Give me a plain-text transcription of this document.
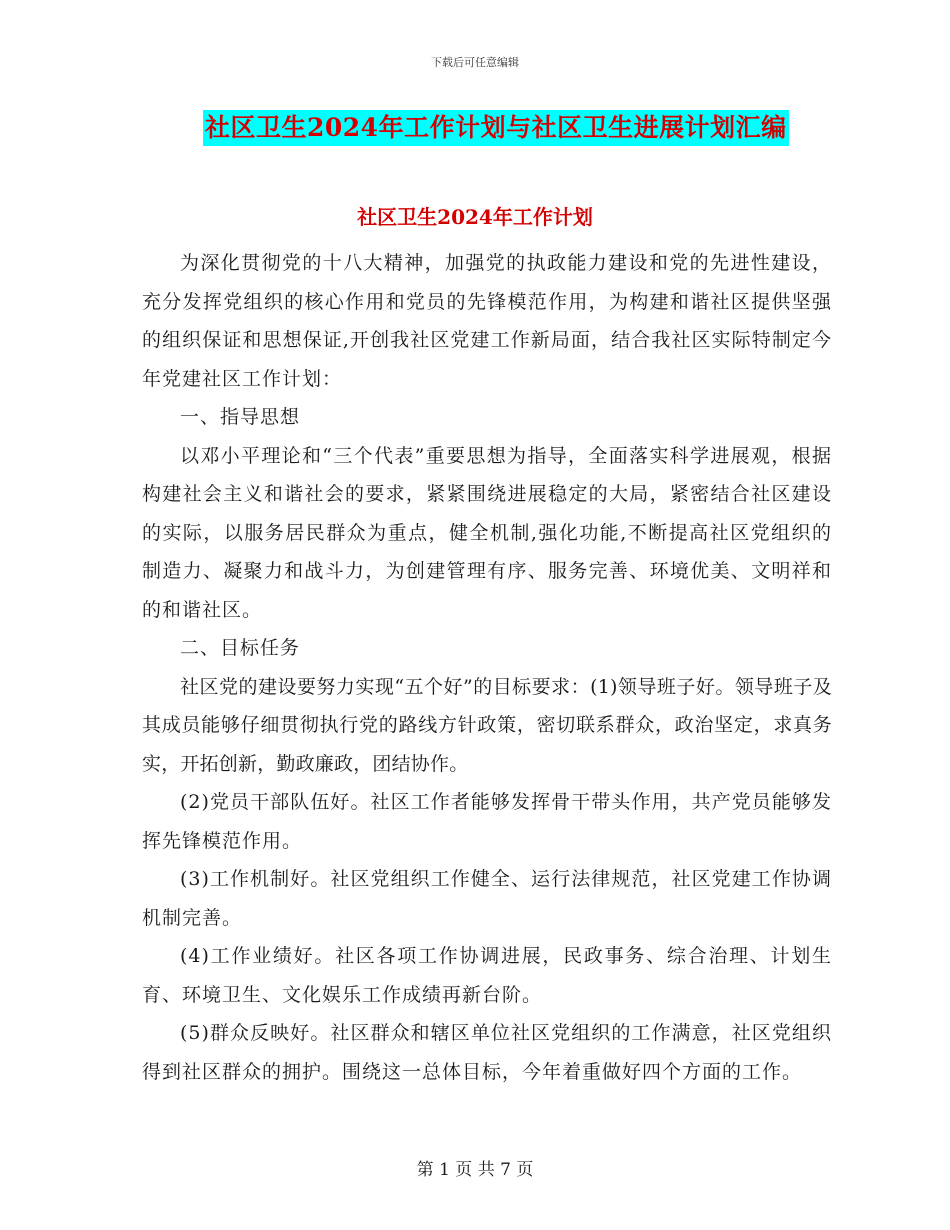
下载后可任意编辑
社区卫生2024年工作计划与社区卫生进展计划汇编
社区卫生2024年工作计划

为深化贯彻党的十八大精神，加强党的执政能力建设和党的先进性建设，充分发挥党组织的核心作用和党员的先锋模范作用，为构建和谐社区提供坚强的组织保证和思想保证,开创我社区党建工作新局面，结合我社区实际特制定今年党建社区工作计划：

一、指导思想

以邓小平理论和“三个代表”重要思想为指导，全面落实科学进展观，根据构建社会主义和谐社会的要求，紧紧围绕进展稳定的大局，紧密结合社区建设的实际，以服务居民群众为重点，健全机制,强化功能,不断提高社区党组织的制造力、凝聚力和战斗力，为创建管理有序、服务完善、环境优美、文明祥和的和谐社区。

二、目标任务

社区党的建设要努力实现“五个好”的目标要求：(1)领导班子好。领导班子及其成员能够仔细贯彻执行党的路线方针政策，密切联系群众，政治坚定，求真务实，开拓创新，勤政廉政，团结协作。

(2)党员干部队伍好。社区工作者能够发挥骨干带头作用，共产党员能够发挥先锋模范作用。

(3)工作机制好。社区党组织工作健全、运行法律规范，社区党建工作协调机制完善。

(4)工作业绩好。社区各项工作协调进展，民政事务、综合治理、计划生育、环境卫生、文化娱乐工作成绩再新台阶。

(5)群众反映好。社区群众和辖区单位社区党组织的工作满意，社区党组织得到社区群众的拥护。围绕这一总体目标，今年着重做好四个方面的工作。

第 1 页 共 7 页
